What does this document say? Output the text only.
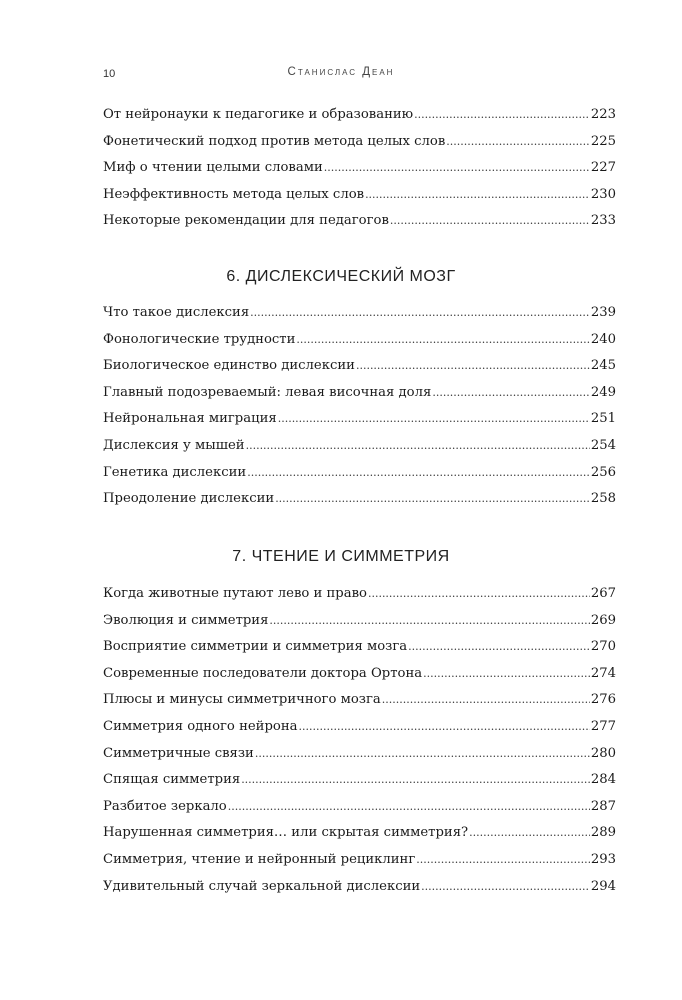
10	Станислас Деан
От нейронауки к педагогике и образованию .....	223
Фонетический подход против метода целых слов .....	225
Миф о чтении целыми словами .....	227
Неэффективность метода целых слов .....	230
Некоторые рекомендации для педагогов .....	233
6. ДИСЛЕКСИЧЕСКИЙ МОЗГ
Что такое дислексия .....	239
Фонологические трудности .....	240
Биологическое единство дислексии .....	245
Главный подозреваемый: левая височная доля .....	249
Нейрональная миграция .....	251
Дислексия у мышей .....	254
Генетика дислексии .....	256
Преодоление дислексии .....	258
7. ЧТЕНИЕ И СИММЕТРИЯ
Когда животные путают лево и право .....	267
Эволюция и симметрия .....	269
Восприятие симметрии и симметрия мозга .....	270
Современные последователи доктора Ортона .....	274
Плюсы и минусы симметричного мозга .....	276
Симметрия одного нейрона .....	277
Симметричные связи .....	280
Спящая симметрия .....	284
Разбитое зеркало .....	287
Нарушенная симметрия… или скрытая симметрия? .....	289
Симметрия, чтение и нейронный рециклинг .....	293
Удивительный случай зеркальной дислексии .....	294
